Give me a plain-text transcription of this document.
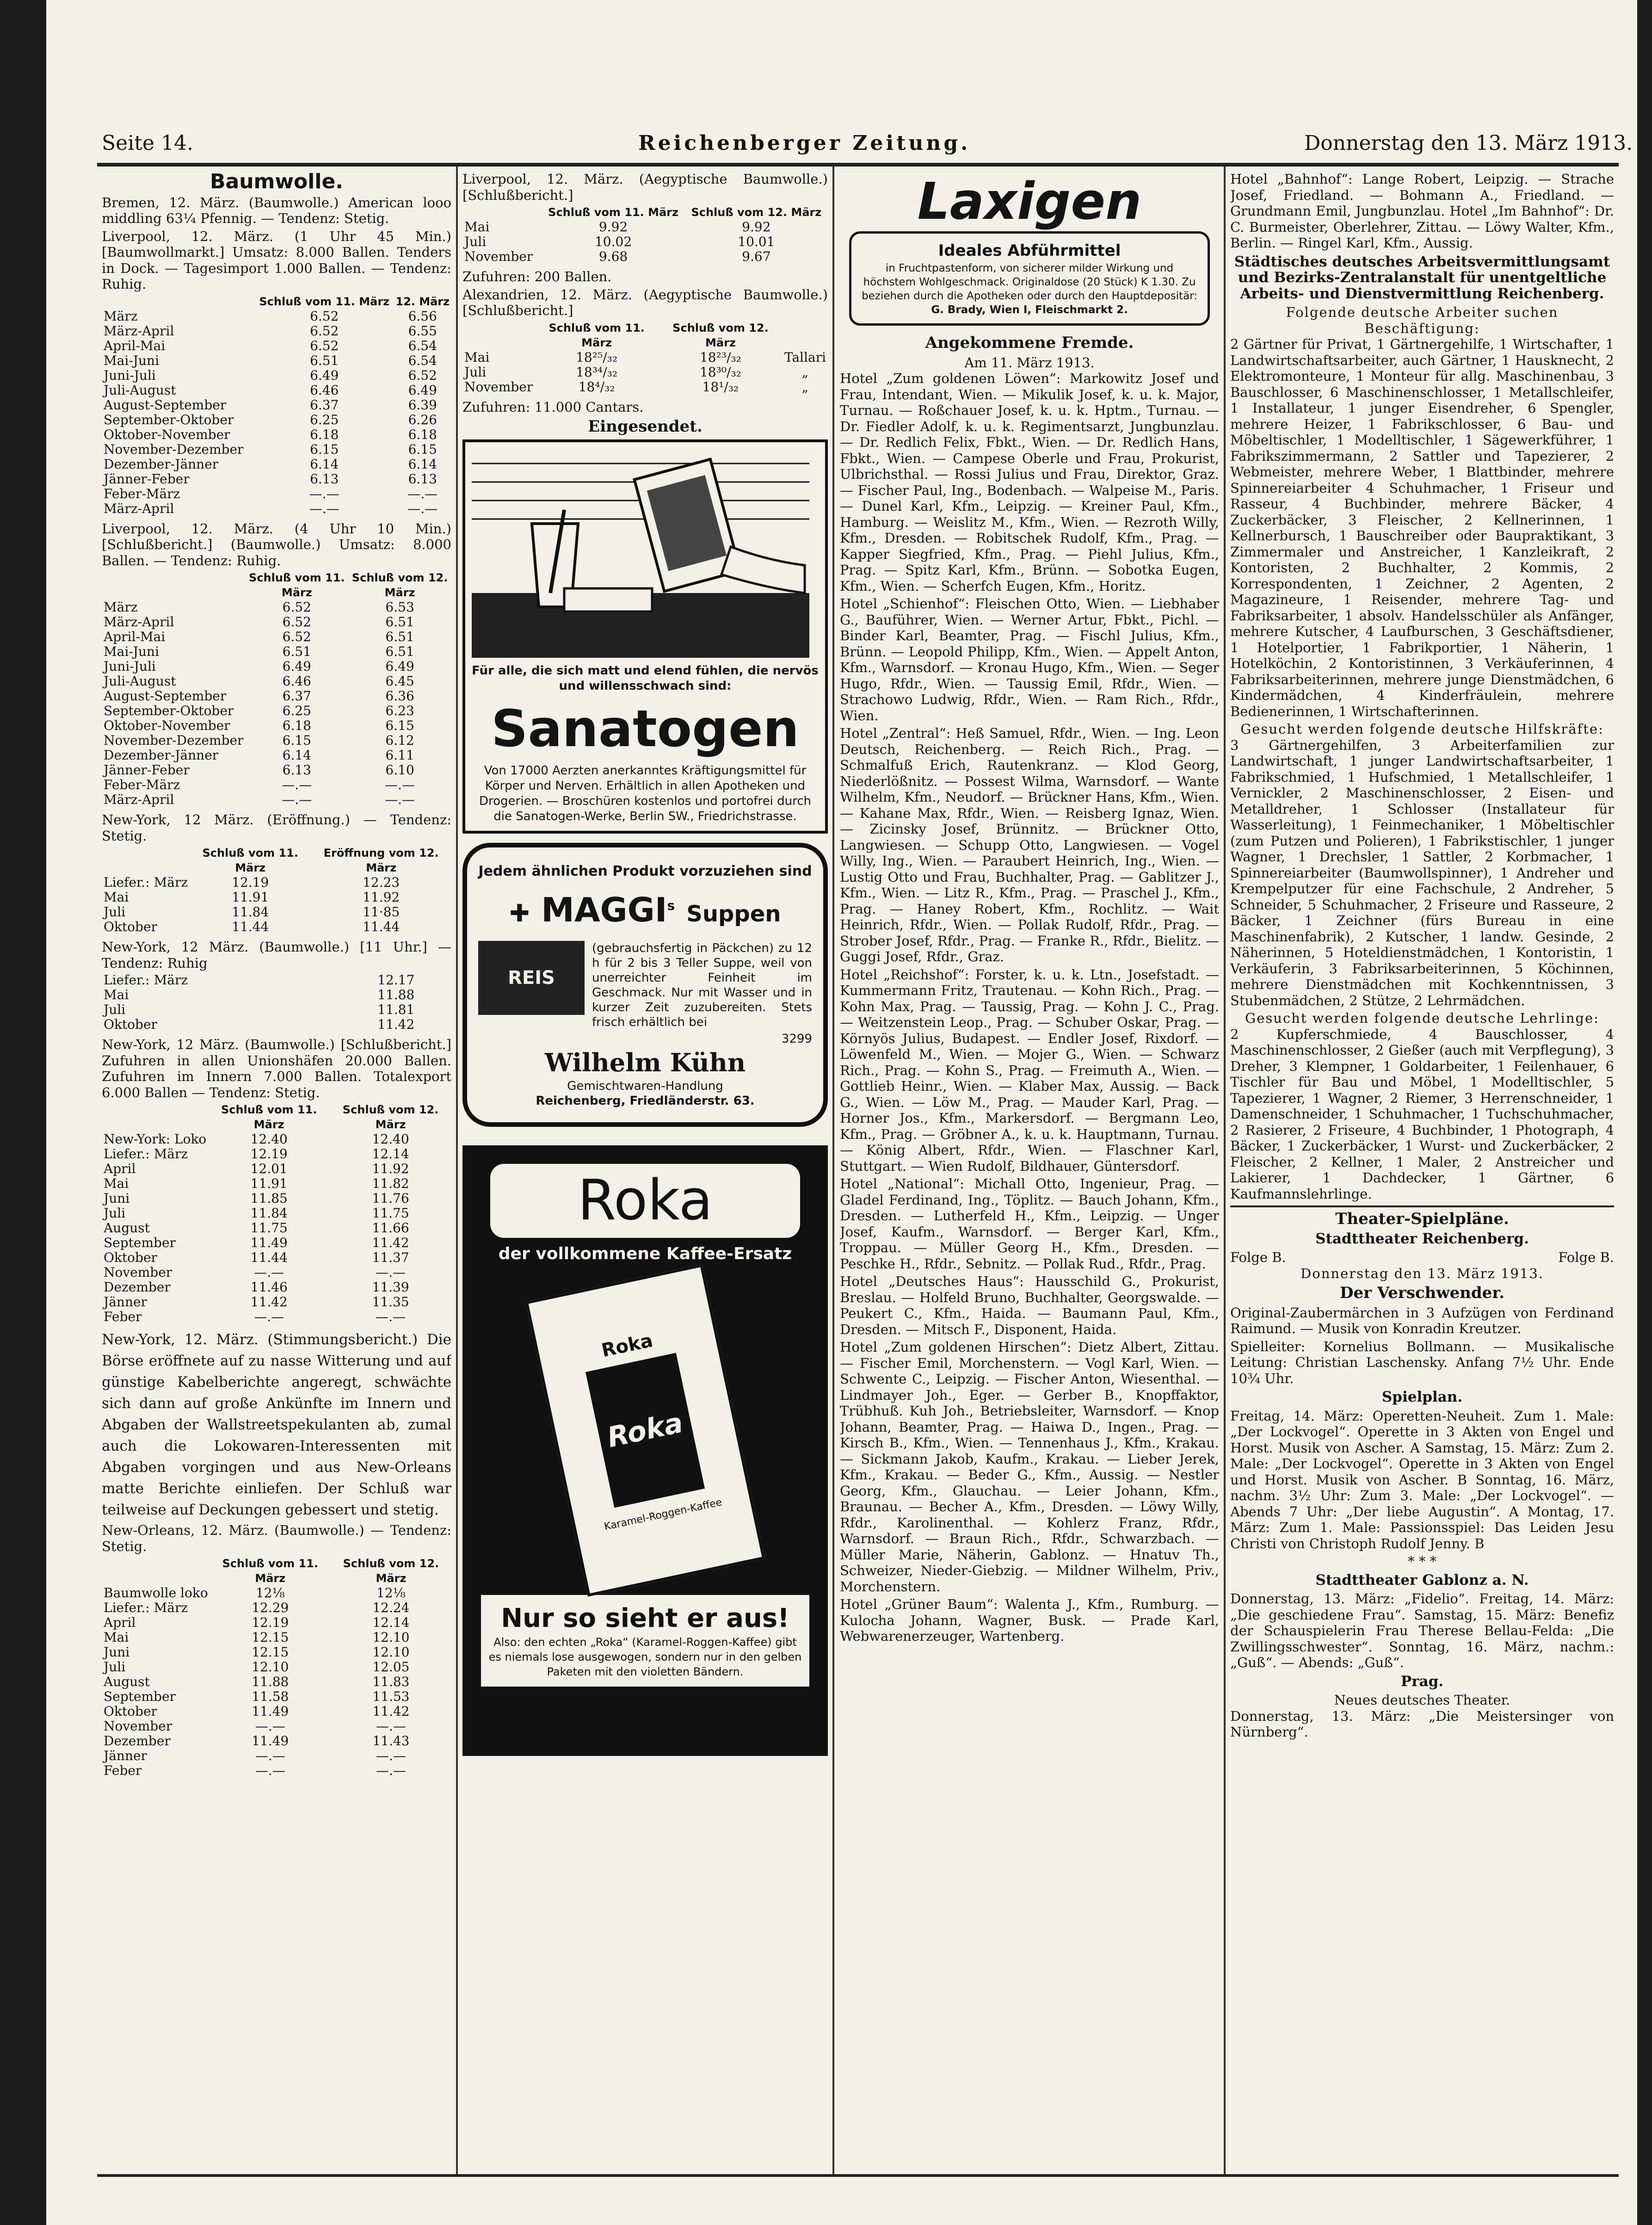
Seite 14.	Reichenberger Zeitung.	Donnerstag den 13. März 1913.
Baumwolle.

Bremen, 12. März. (Baumwolle.) American looo middling 63¼ Pfennig. — Tendenz: Stetig.

Liverpool, 12. März. (1 Uhr 45 Min.) [Baumwollmarkt.] Umsatz: 8.000 Ballen. Tenders in Dock. — Tagesimport 1.000 Ballen. — Tendenz: Ruhig.

	Schluß vom 11. März	12. März
März	6.52	6.56
März-April	6.52	6.55
April-Mai	6.52	6.54
Mai-Juni	6.51	6.54
Juni-Juli	6.49	6.52
Juli-August	6.46	6.49
August-September	6.37	6.39
September-Oktober	6.25	6.26
Oktober-November	6.18	6.18
November-Dezember	6.15	6.15
Dezember-Jänner	6.14	6.14
Jänner-Feber	6.13	6.13
Feber-März	—.—	—.—
März-April	—.—	—.—

Liverpool, 12. März. (4 Uhr 10 Min.) [Schlußbericht.] (Baumwolle.) Umsatz: 8.000 Ballen. — Tendenz: Ruhig.

	Schluß vom 11. März	Schluß vom 12. März
März	6.52	6.53
März-April	6.52	6.51
April-Mai	6.52	6.51
Mai-Juni	6.51	6.51
Juni-Juli	6.49	6.49
Juli-August	6.46	6.45
August-September	6.37	6.36
September-Oktober	6.25	6.23
Oktober-November	6.18	6.15
November-Dezember	6.15	6.12
Dezember-Jänner	6.14	6.11
Jänner-Feber	6.13	6.10
Feber-März	—.—	—.—
März-April	—.—	—.—

New-York, 12 März. (Eröffnung.) — Tendenz: Stetig.

	Schluß vom 11. März	Eröffnung vom 12. März
Liefer.: März	12.19	12.23
Mai	11.91	11.92
Juli	11.84	11·85
Oktober	11.44	11.44

New-York, 12 März. (Baumwolle.) [11 Uhr.] — Tendenz: Ruhig

Liefer.: März	12.17
Mai	11.88
Juli	11.81
Oktober	11.42

New-York, 12 März. (Baumwolle.) [Schlußbericht.] Zufuhren in allen Unionshäfen 20.000 Ballen. Zufuhren im Innern 7.000 Ballen. Totalexport 6.000 Ballen — Tendenz: Stetig.

	Schluß vom 11. März	Schluß vom 12. März
New-York: Loko	12.40	12.40
Liefer.: März	12.19	12.14
April	12.01	11.92
Mai	11.91	11.82
Juni	11.85	11.76
Juli	11.84	11.75
August	11.75	11.66
September	11.49	11.42
Oktober	11.44	11.37
November	—.—	—.—
Dezember	11.46	11.39
Jänner	11.42	11.35
Feber	—.—	—.—

New-York, 12. März. (Stimmungsbericht.) Die Börse eröffnete auf zu nasse Witterung und auf günstige Kabelberichte angeregt, schwächte sich dann auf große Ankünfte im Innern und Abgaben der Wallstreetspekulanten ab, zumal auch die Lokowaren-Interessenten mit Abgaben vorgingen und aus New-Orleans matte Berichte einliefen. Der Schluß war teilweise auf Deckungen gebessert und stetig.

New-Orleans, 12. März. (Baumwolle.) — Tendenz: Stetig.

	Schluß vom 11. März	Schluß vom 12. März
Baumwolle loko	12⅛	12⅛
Liefer.: März	12.29	12.24
April	12.19	12.14
Mai	12.15	12.10
Juni	12.15	12.10
Juli	12.10	12.05
August	11.88	11.83
September	11.58	11.53
Oktober	11.49	11.42
November	—.—	—.—
Dezember	11.49	11.43
Jänner	—.—	—.—
Feber	—.—	—.—

Liverpool, 12. März. (Aegyptische Baumwolle.) [Schlußbericht.]

	Schluß vom 11. März	Schluß vom 12. März
Mai	9.92	9.92
Juli	10.02	10.01
November	9.68	9.67

Zufuhren: 200 Ballen.

Alexandrien, 12. März. (Aegyptische Baumwolle.) [Schlußbericht.]

	Schluß vom 11. März	Schluß vom 12. März	
Mai	18²⁵/₃₂	18²³/₃₂	Tallari
Juli	18³⁴/₃₂	18³⁰/₃₂	„
November	18⁴/₃₂	18¹/₃₂	„

Zufuhren: 11.000 Cantars.

Eingesendet.
Für alle, die sich matt und elend fühlen, die nervös und willensschwach sind:
Sanatogen
Von 17000 Aerzten anerkanntes Kräftigungsmittel für Körper und Nerven. Erhältlich in allen Apotheken und Drogerien. — Broschüren kostenlos und portofrei durch die Sanatogen-Werke, Berlin SW., Friedrichstrasse.
Jedem ähnlichen Produkt vorzuziehen sind
✚ MAGGI$^s$ Suppen
REIS

(gebrauchsfertig in Päckchen) zu 12 h für 2 bis 3 Teller Suppe, weil von unerreichter Feinheit im Geschmack. Nur mit Wasser und in kurzer Zeit zuzubereiten. Stets frisch erhältlich bei

3299
Wilhelm Kühn
Gemischtwaren-Handlung
Reichenberg, Friedländerstr. 63.
Roka
der vollkommene Kaffee-Ersatz
Roka
Roka
Karamel-Roggen-Kaffee
Nur so sieht er aus!
Also: den echten „Roka“ (Karamel-Roggen-Kaffee) gibt es niemals lose ausgewogen, sondern nur in den gelben Paketen mit den violetten Bändern.
Laxigen
Ideales Abführmittel
in Fruchtpastenform, von sicherer milder Wirkung und höchstem Wohlgeschmack. Originaldose (20 Stück) K 1.30. Zu beziehen durch die Apotheken oder durch den Hauptdepositär:
G. Brady, Wien I, Fleischmarkt 2.
Angekommene Fremde.
Am 11. März 1913.

Hotel „Zum goldenen Löwen“: Markowitz Josef und Frau, Intendant, Wien. — Mikulik Josef, k. u. k. Major, Turnau. — Roßchauer Josef, k. u. k. Hptm., Turnau. — Dr. Fiedler Adolf, k. u. k. Regimentsarzt, Jungbunzlau. — Dr. Redlich Felix, Fbkt., Wien. — Dr. Redlich Hans, Fbkt., Wien. — Campese Oberle und Frau, Prokurist, Ulbrichsthal. — Rossi Julius und Frau, Direktor, Graz. — Fischer Paul, Ing., Bodenbach. — Walpeise M., Paris. — Dunel Karl, Kfm., Leipzig. — Kreiner Paul, Kfm., Hamburg. — Weislitz M., Kfm., Wien. — Rezroth Willy, Kfm., Dresden. — Robitschek Rudolf, Kfm., Prag. — Kapper Siegfried, Kfm., Prag. — Piehl Julius, Kfm., Prag. — Spitz Karl, Kfm., Brünn. — Sobotka Eugen, Kfm., Wien. — Scherfch Eugen, Kfm., Horitz.

Hotel „Schienhof“: Fleischen Otto, Wien. — Liebhaber G., Bauführer, Wien. — Werner Artur, Fbkt., Pichl. — Binder Karl, Beamter, Prag. — Fischl Julius, Kfm., Brünn. — Leopold Philipp, Kfm., Wien. — Appelt Anton, Kfm., Warnsdorf. — Kronau Hugo, Kfm., Wien. — Seger Hugo, Rfdr., Wien. — Taussig Emil, Rfdr., Wien. — Strachowo Ludwig, Rfdr., Wien. — Ram Rich., Rfdr., Wien.

Hotel „Zentral“: Heß Samuel, Rfdr., Wien. — Ing. Leon Deutsch, Reichenberg. — Reich Rich., Prag. — Schmalfuß Erich, Rautenkranz. — Klod Georg, Niederlößnitz. — Possest Wilma, Warnsdorf. — Wante Wilhelm, Kfm., Neudorf. — Brückner Hans, Kfm., Wien. — Kahane Max, Rfdr., Wien. — Reisberg Ignaz, Wien. — Zicinsky Josef, Brünnitz. — Brückner Otto, Langwiesen. — Schupp Otto, Langwiesen. — Vogel Willy, Ing., Wien. — Paraubert Heinrich, Ing., Wien. — Lustig Otto und Frau, Buchhalter, Prag. — Gablitzer J., Kfm., Wien. — Litz R., Kfm., Prag. — Praschel J., Kfm., Prag. — Haney Robert, Kfm., Rochlitz. — Wait Heinrich, Rfdr., Wien. — Pollak Rudolf, Rfdr., Prag. — Strober Josef, Rfdr., Prag. — Franke R., Rfdr., Bielitz. — Guggi Josef, Rfdr., Graz.

Hotel „Reichshof“: Forster, k. u. k. Ltn., Josefstadt. — Kummermann Fritz, Trautenau. — Kohn Rich., Prag. — Kohn Max, Prag. — Taussig, Prag. — Kohn J. C., Prag. — Weitzenstein Leop., Prag. — Schuber Oskar, Prag. — Környös Julius, Budapest. — Endler Josef, Rixdorf. — Löwenfeld M., Wien. — Mojer G., Wien. — Schwarz Rich., Prag. — Kohn S., Prag. — Freimuth A., Wien. — Gottlieb Heinr., Wien. — Klaber Max, Aussig. — Back G., Wien. — Löw M., Prag. — Mauder Karl, Prag. — Horner Jos., Kfm., Markersdorf. — Bergmann Leo, Kfm., Prag. — Gröbner A., k. u. k. Hauptmann, Turnau. — König Albert, Rfdr., Wien. — Flaschner Karl, Stuttgart. — Wien Rudolf, Bildhauer, Güntersdorf.

Hotel „National“: Michall Otto, Ingenieur, Prag. — Gladel Ferdinand, Ing., Töplitz. — Bauch Johann, Kfm., Dresden. — Lutherfeld H., Kfm., Leipzig. — Unger Josef, Kaufm., Warnsdorf. — Berger Karl, Kfm., Troppau. — Müller Georg H., Kfm., Dresden. — Peschke H., Rfdr., Sebnitz. — Pollak Rud., Rfdr., Prag.

Hotel „Deutsches Haus“: Hausschild G., Prokurist, Breslau. — Holfeld Bruno, Buchhalter, Georgswalde. — Peukert C., Kfm., Haida. — Baumann Paul, Kfm., Dresden. — Mitsch F., Disponent, Haida.

Hotel „Zum goldenen Hirschen“: Dietz Albert, Zittau. — Fischer Emil, Morchenstern. — Vogl Karl, Wien. — Schwente C., Leipzig. — Fischer Anton, Wiesenthal. — Lindmayer Joh., Eger. — Gerber B., Knopffaktor, Trübhuß. Kuh Joh., Betriebsleiter, Warnsdorf. — Knop Johann, Beamter, Prag. — Haiwa D., Ingen., Prag. — Kirsch B., Kfm., Wien. — Tennenhaus J., Kfm., Krakau. — Sickmann Jakob, Kaufm., Krakau. — Lieber Jerek, Kfm., Krakau. — Beder G., Kfm., Aussig. — Nestler Georg, Kfm., Glauchau. — Leier Johann, Kfm., Braunau. — Becher A., Kfm., Dresden. — Löwy Willy, Rfdr., Karolinenthal. — Kohlerz Franz, Rfdr., Warnsdorf. — Braun Rich., Rfdr., Schwarzbach. — Müller Marie, Näherin, Gablonz. — Hnatuv Th., Schweizer, Nieder-Giebzig. — Mildner Wilhelm, Priv., Morchenstern.

Hotel „Grüner Baum“: Walenta J., Kfm., Rumburg. — Kulocha Johann, Wagner, Busk. — Prade Karl, Webwarenerzeuger, Wartenberg.

Hotel „Bahnhof“: Lange Robert, Leipzig. — Strache Josef, Friedland. — Bohmann A., Friedland. — Grundmann Emil, Jungbunzlau. Hotel „Im Bahnhof“: Dr. C. Burmeister, Oberlehrer, Zittau. — Löwy Walter, Kfm., Berlin. — Ringel Karl, Kfm., Aussig.

Städtisches deutsches Arbeitsvermittlungsamt und Bezirks-Zentralanstalt für unentgeltliche Arbeits- und Dienstvermittlung Reichenberg.
Folgende deutsche Arbeiter suchen Beschäftigung:

2 Gärtner für Privat, 1 Gärtnergehilfe, 1 Wirtschafter, 1 Landwirtschaftsarbeiter, auch Gärtner, 1 Hausknecht, 2 Elektromonteure, 1 Monteur für allg. Maschinenbau, 3 Bauschlosser, 6 Maschinenschlosser, 1 Metallschleifer, 1 Installateur, 1 junger Eisendreher, 6 Spengler, mehrere Heizer, 1 Fabrikschlosser, 6 Bau- und Möbeltischler, 1 Modelltischler, 1 Sägewerkführer, 1 Fabrikszimmermann, 2 Sattler und Tapezierer, 2 Webmeister, mehrere Weber, 1 Blattbinder, mehrere Spinnereiarbeiter 4 Schuhmacher, 1 Friseur und Rasseur, 4 Buchbinder, mehrere Bäcker, 4 Zuckerbäcker, 3 Fleischer, 2 Kellnerinnen, 1 Kellnerbursch, 1 Bauschreiber oder Baupraktikant, 3 Zimmermaler und Anstreicher, 1 Kanzleikraft, 2 Kontoristen, 2 Buchhalter, 2 Kommis, 2 Korrespondenten, 1 Zeichner, 2 Agenten, 2 Magazineure, 1 Reisender, mehrere Tag- und Fabriksarbeiter, 1 absolv. Handelsschüler als Anfänger, mehrere Kutscher, 4 Laufburschen, 3 Geschäftsdiener, 1 Hotelportier, 1 Fabrikportier, 1 Näherin, 1 Hotelköchin, 2 Kontoristinnen, 3 Verkäuferinnen, 4 Fabriksarbeiterinnen, mehrere junge Dienstmädchen, 6 Kindermädchen, 4 Kinderfräulein, mehrere Bedienerinnen, 1 Wirtschafterinnen.

Gesucht werden folgende deutsche Hilfskräfte:

3 Gärtnergehilfen, 3 Arbeiterfamilien zur Landwirtschaft, 1 junger Landwirtschaftsarbeiter, 1 Fabrikschmied, 1 Hufschmied, 1 Metallschleifer, 1 Vernickler, 2 Maschinenschlosser, 2 Eisen- und Metalldreher, 1 Schlosser (Installateur für Wasserleitung), 1 Feinmechaniker, 1 Möbeltischler (zum Putzen und Polieren), 1 Fabrikstischler, 1 junger Wagner, 1 Drechsler, 1 Sattler, 2 Korbmacher, 1 Spinnereiarbeiter (Baumwollspinner), 1 Andreher und Krempelputzer für eine Fachschule, 2 Andreher, 5 Schneider, 5 Schuhmacher, 2 Friseure und Rasseure, 2 Bäcker, 1 Zeichner (fürs Bureau in eine Maschinenfabrik), 2 Kutscher, 1 landw. Gesinde, 2 Näherinnen, 5 Hoteldienstmädchen, 1 Kontoristin, 1 Verkäuferin, 3 Fabriksarbeiterinnen, 5 Köchinnen, mehrere Dienstmädchen mit Kochkenntnissen, 3 Stubenmädchen, 2 Stütze, 2 Lehrmädchen.

Gesucht werden folgende deutsche Lehrlinge:

2 Kupferschmiede, 4 Bauschlosser, 4 Maschinenschlosser, 2 Gießer (auch mit Verpflegung), 3 Dreher, 3 Klempner, 1 Goldarbeiter, 1 Feilenhauer, 6 Tischler für Bau und Möbel, 1 Modelltischler, 5 Tapezierer, 1 Wagner, 2 Riemer, 3 Herrenschneider, 1 Damenschneider, 1 Schuhmacher, 1 Tuchschuhmacher, 2 Rasierer, 2 Friseure, 4 Buchbinder, 1 Photograph, 4 Bäcker, 1 Zuckerbäcker, 1 Wurst- und Zuckerbäcker, 2 Fleischer, 2 Kellner, 1 Maler, 2 Anstreicher und Lakierer, 1 Dachdecker, 1 Gärtner, 6 Kaufmannslehrlinge.

Theater-Spielpläne.
Stadttheater Reichenberg.
Folge B.	Folge B.
Donnerstag den 13. März 1913.
Der Verschwender.

Original-Zaubermärchen in 3 Aufzügen von Ferdinand Raimund. — Musik von Konradin Kreutzer.

Spielleiter: Kornelius Bollmann. — Musikalische Leitung: Christian Laschensky. Anfang 7½ Uhr. Ende 10¾ Uhr.

Spielplan.

Freitag, 14. März: Operetten-Neuheit. Zum 1. Male: „Der Lockvogel“. Operette in 3 Akten von Engel und Horst. Musik von Ascher. A Samstag, 15. März: Zum 2. Male: „Der Lockvogel“. Operette in 3 Akten von Engel und Horst. Musik von Ascher. B Sonntag, 16. März, nachm. 3½ Uhr: Zum 3. Male: „Der Lockvogel“. — Abends 7 Uhr: „Der liebe Augustin“. A Montag, 17. März: Zum 1. Male: Passionsspiel: Das Leiden Jesu Christi von Christoph Rudolf Jenny. B

* * *
Stadttheater Gablonz a. N.

Donnerstag, 13. März: „Fidelio“. Freitag, 14. März: „Die geschiedene Frau“. Samstag, 15. März: Benefiz der Schauspielerin Frau Therese Bellau-Felda: „Die Zwillingsschwester“. Sonntag, 16. März, nachm.: „Guß“. — Abends: „Guß“.

Prag.
Neues deutsches Theater.

Donnerstag, 13. März: „Die Meistersinger von Nürnberg“.
